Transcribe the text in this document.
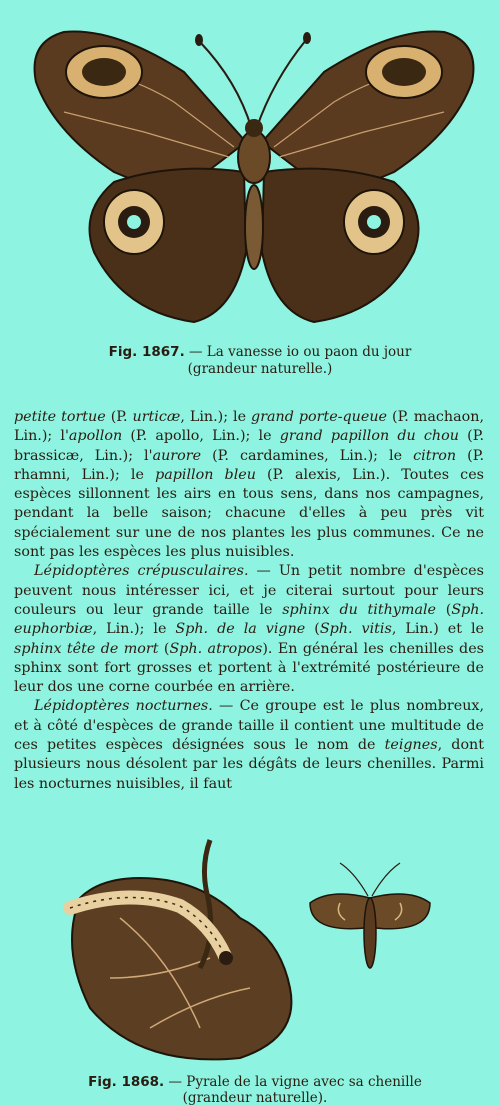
Fig. 1867. — La vanesse io ou paon du jour
(grandeur naturelle.)

petite tortue (P. urticæ, Lin.); le grand porte-queue (P. machaon, Lin.); l'apollon (P. apollo, Lin.); le grand papillon du chou (P. brassicæ, Lin.); l'aurore (P. cardamines, Lin.); le citron (P. rhamni, Lin.); le papillon bleu (P. alexis, Lin.). Toutes ces espèces sillonnent les airs en tous sens, dans nos campagnes, pendant la belle saison; chacune d'elles à peu près vit spécialement sur une de nos plantes les plus communes. Ce ne sont pas les espèces les plus nuisibles.

Lépidoptères crépusculaires. — Un petit nombre d'espèces peuvent nous intéresser ici, et je citerai surtout pour leurs couleurs ou leur grande taille le sphinx du tithymale (Sph. euphorbiæ, Lin.); le Sph. de la vigne (Sph. vitis, Lin.) et le sphinx tête de mort (Sph. atropos). En général les chenilles des sphinx sont fort grosses et portent à l'extrémité postérieure de leur dos une corne courbée en arrière.

Lépidoptères nocturnes. — Ce groupe est le plus nombreux, et à côté d'espèces de grande taille il contient une multitude de ces petites espèces désignées sous le nom de teignes, dont plusieurs nous désolent par les dégâts de leurs chenilles. Parmi les nocturnes nuisibles, il faut

Fig. 1868. — Pyrale de la vigne avec sa chenille
(grandeur naturelle).
